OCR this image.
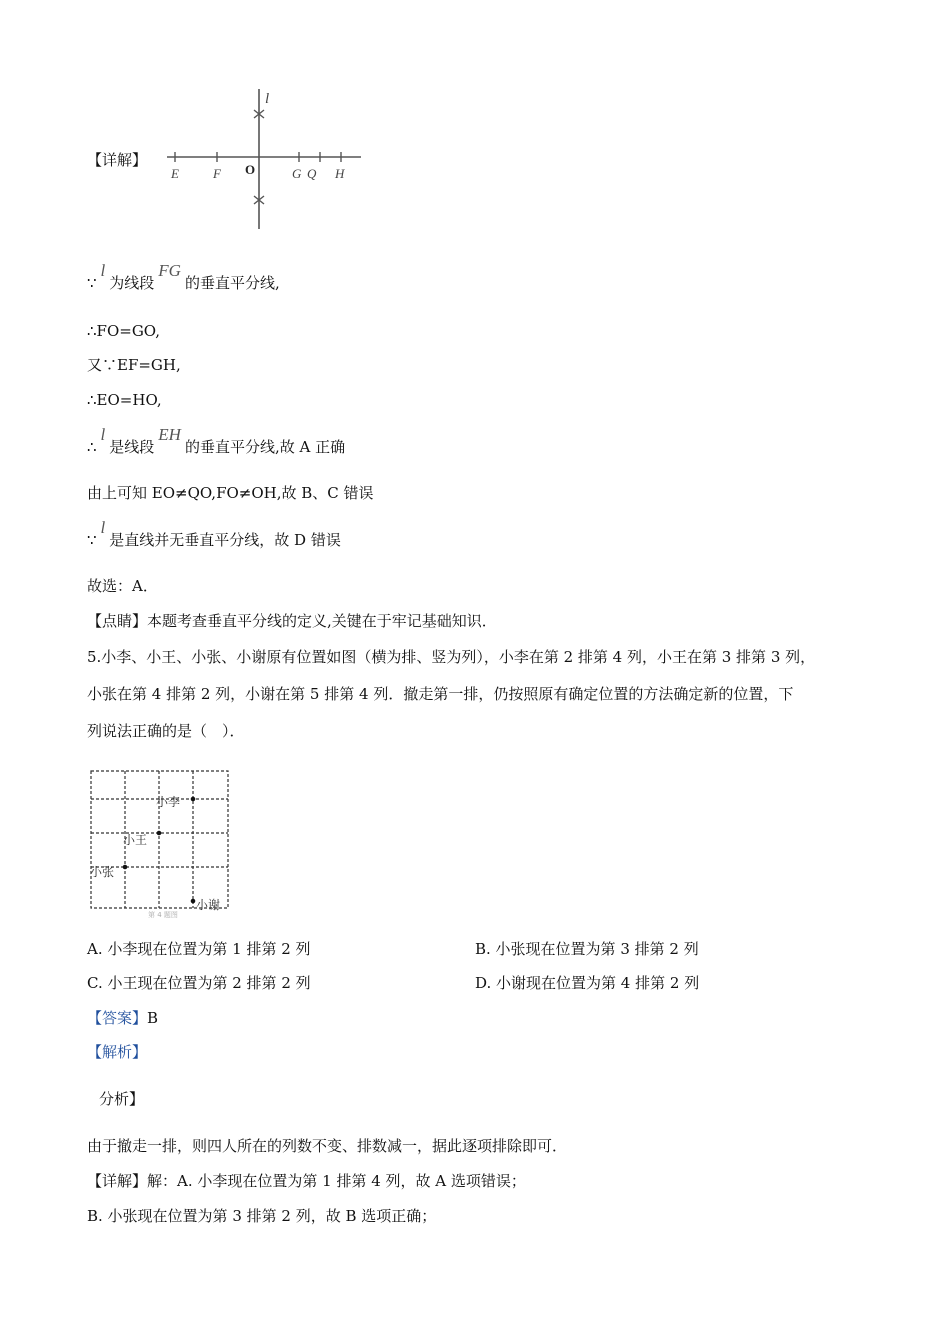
【详解】
l
E	F O	G Q H
∵l为线段FG的垂直平分线,
∴FO=GO,
又∵EF=GH,
∴EO=HO,
∴l是线段EH的垂直平分线,故 A 正确
由上可知 EO≠QO,FO≠OH,故 B、C 错误
∵l是直线并无垂直平分线，故 D 错误
故选：A．
【点睛】本题考查垂直平分线的定义,关键在于牢记基础知识．
5.小李、小王、小张、小谢原有位置如图（横为排、竖为列），小李在第 2 排第 4 列，小王在第 3 排第 3 列，
小张在第 4 排第 2 列，小谢在第 5 排第 4 列．撤走第一排，仍按照原有确定位置的方法确定新的位置，下
列说法正确的是（　）．
小李
小王
小张
小谢
第 4 题图
A. 小李现在位置为第 1 排第 2 列	B. 小张现在位置为第 3 排第 2 列
C. 小王现在位置为第 2 排第 2 列	D. 小谢现在位置为第 4 排第 2 列
【答案】B
【解析】
分析】
由于撤走一排，则四人所在的列数不变、排数减一，据此逐项排除即可．
【详解】解：A. 小李现在位置为第 1 排第 4 列，故 A 选项错误；
B. 小张现在位置为第 3 排第 2 列，故 B 选项正确；
